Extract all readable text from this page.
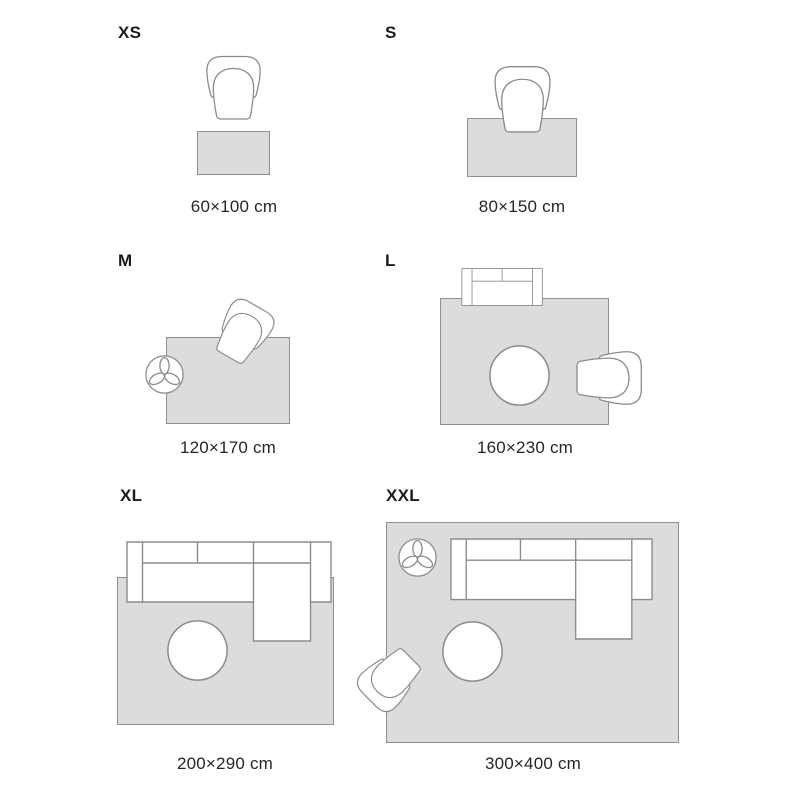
XS
60×100 cm
S
80×150 cm
M
120×170 cm
L
160×230 cm
XL
200×290 cm
XXL
300×400 cm
